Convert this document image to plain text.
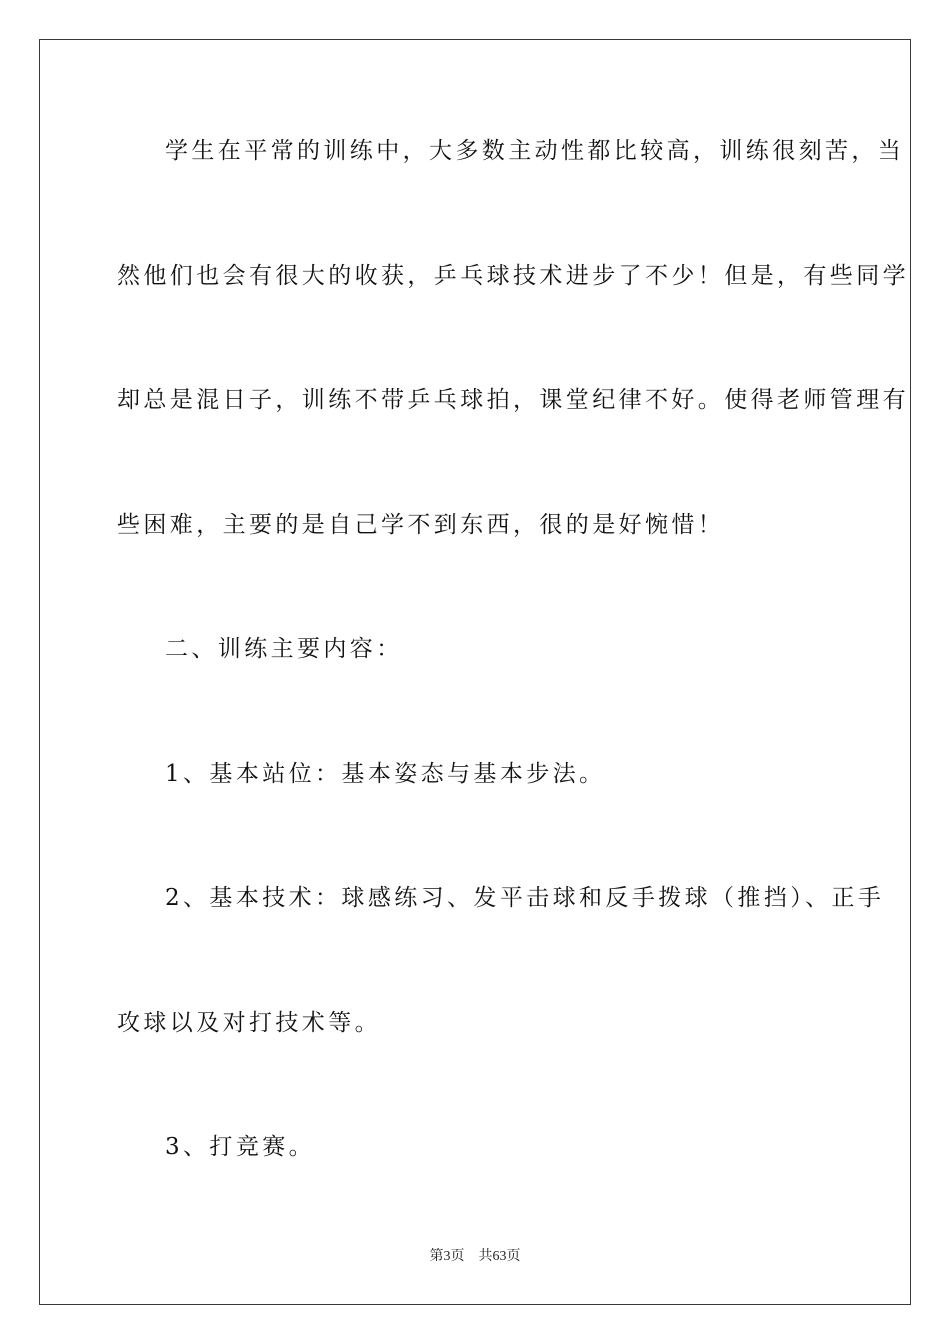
学生在平常的训练中，大多数主动性都比较高，训练很刻苦，当
然他们也会有很大的收获，乒乓球技术进步了不少！但是，有些同学
却总是混日子，训练不带乒乓球拍，课堂纪律不好。使得老师管理有
些困难，主要的是自己学不到东西，很的是好惋惜！
二、训练主要内容：
1、基本站位：基本姿态与基本步法。
2、基本技术：球感练习、发平击球和反手拨球（推挡）、正手
攻球以及对打技术等。
3、打竞赛。
第3页 共63页
